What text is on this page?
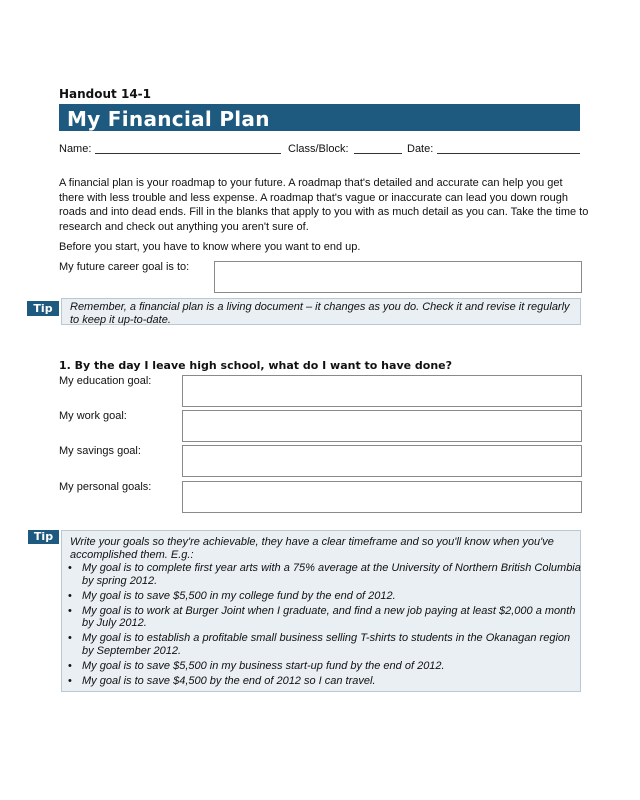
Handout 14-1
My Financial Plan
Name:	Class/Block:	Date:
A financial plan is your roadmap to your future. A roadmap that's detailed and accurate can help you get there with less trouble and less expense. A roadmap that's vague or inaccurate can lead you down rough roads and into dead ends. Fill in the blanks that apply to you with as much detail as you can. Take the time to research and check out anything you aren't sure of.
Before you start, you have to know where you want to end up.
My future career goal is to:
Remember, a financial plan is a living document – it changes as you do. Check it and revise it regularly to keep it up-to-date.
Tip
1. By the day I leave high school, what do I want to have done?
My education goal:
My work goal:
My savings goal:
My personal goals:
Write your goals so they're achievable, they have a clear timeframe and so you'll know when you've accomplished them. E.g.:
Tip
• My goal is to complete first year arts with a 75% average at the University of Northern British Columbia by spring 2012.
• My goal is to save $5,500 in my college fund by the end of 2012.
• My goal is to work at Burger Joint when I graduate, and find a new job paying at least $2,000 a month by July 2012.
• My goal is to establish a profitable small business selling T-shirts to students in the Okanagan region by September 2012.
• My goal is to save $5,500 in my business start-up fund by the end of 2012.
• My goal is to save $4,500 by the end of 2012 so I can travel.
